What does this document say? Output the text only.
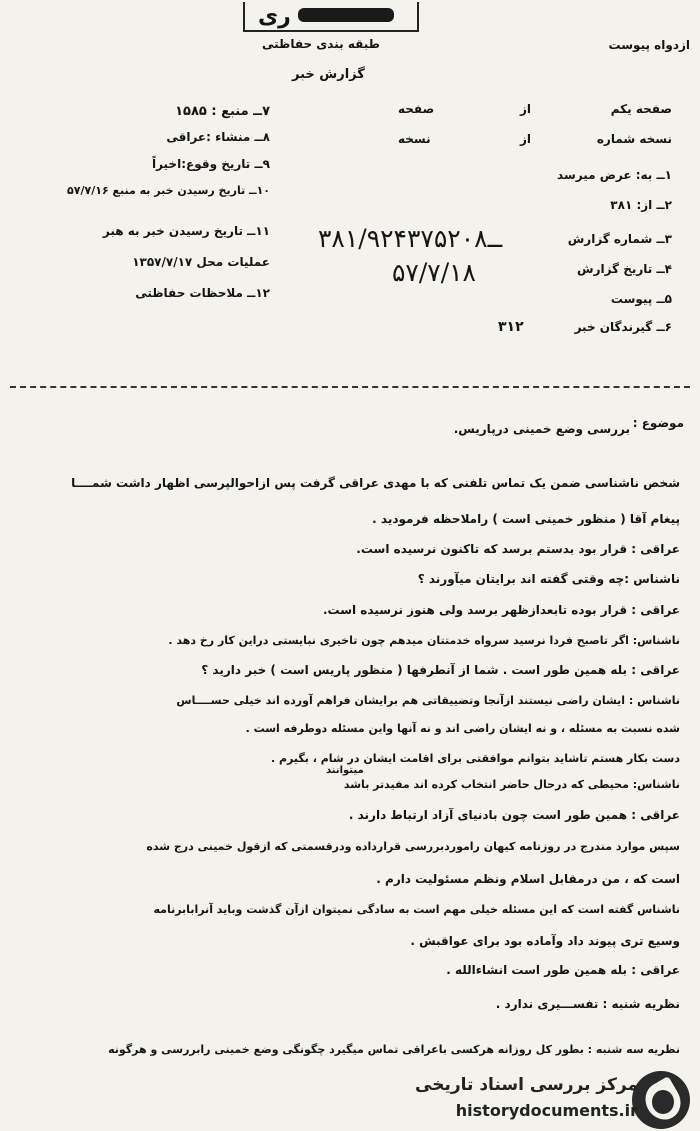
ری
ازدواه پیوست
طبقه بندی حفاظتی
گزارش خبر
صفحه یکم
از
صفحه
نسخه شماره
از
نسخه
۱ــ به: عرض میرسد
۲ــ از: ۳۸۱
۳ــ شماره گزارش
۴ــ تاریخ گزارش
۵ــ پیوست
۶ــ گیرندگان خبر
۳۱۲
۳۸۱/۹۲۴۳ــ۷۵۲۰۸
۵۷/۷/۱۸
۷ــ منبع : ۱۵۸۵
۸ــ منشاء :عراقی
۹ــ تاریخ وقوع:اخیراً
۱۰ــ تاریخ رسیدن خبر به منبع ۵۷/۷/۱۶
۱۱ــ تاریخ رسیدن خبر به هبر
عملیات محل ۱۳۵۷/۷/۱۷
۱۲ــ ملاحظات حفاظتی
موضوع :
بررسی وضع خمینی درپاریس.
شخص ناشناسی ضمن یک تماس تلفنی که با مهدی عراقی گرفت پس ازاحوالپرسی اظهار داشت شمــــا
پیغام آقا ( منظور خمینی است ) راملاحظه فرمودید .
عراقی : قرار بود بدستم برسد که تاکنون نرسیده است.
ناشناس :چه وقتی گفته اند برایتان میآورند ؟
عراقی : قرار بوده تابعدازظهر برسد ولی هنوز نرسیده است.
ناشناس: اگر تاصبح فردا نرسید سرواه خدمتتان میدهم چون تاخیری نبایستی دراین کار رخ دهد .
عراقی : بله همین طور است . شما از آنطرفها ( منظور پاریس است ) خبر دارید ؟
ناشناس : ایشان راضی نیستند ازآنجا وتضییقاتی هم برایشان فراهم آورده اند خیلی حســــاس
شده نسبت به مسئله ، و نه ایشان راضی اند و نه آنها واین مسئله دوطرفه است .
دست بکار هستم تاشاید بتوانم موافقتی برای اقامت ایشان در شام ، بگیرم .
میتوانند
ناشناس: محیطی که درحال حاضر انتخاب کرده اند مفیدتر باشد
عراقی : همین طور است چون بادنیای آزاد ارتباط دارند .
سپس موارد مندرج در روزنامه کیهان راموردبررسی قرارداده ودرقسمتی که ازقول خمینی درج شده
است که ، من درمقابل اسلام ونظم مسئولیت دارم .
ناشناس گفته است که این مسئله خیلی مهم است به سادگی نمیتوان ازآن گذشت وباید آنرابابرنامه
وسیع تری پیوند داد وآماده بود برای عواقبش .
عراقی : بله همین طور است انشاءالله .
نظریه شنبه : تفســـیری ندارد .
نظریه سه شنبه : بطور کل روزانه هرکسی باعراقی تماس میگیرد چگونگی وضع خمینی رابررسی و هرگونه
مرکز بررسی اسناد تاریخی
historydocuments.ir
